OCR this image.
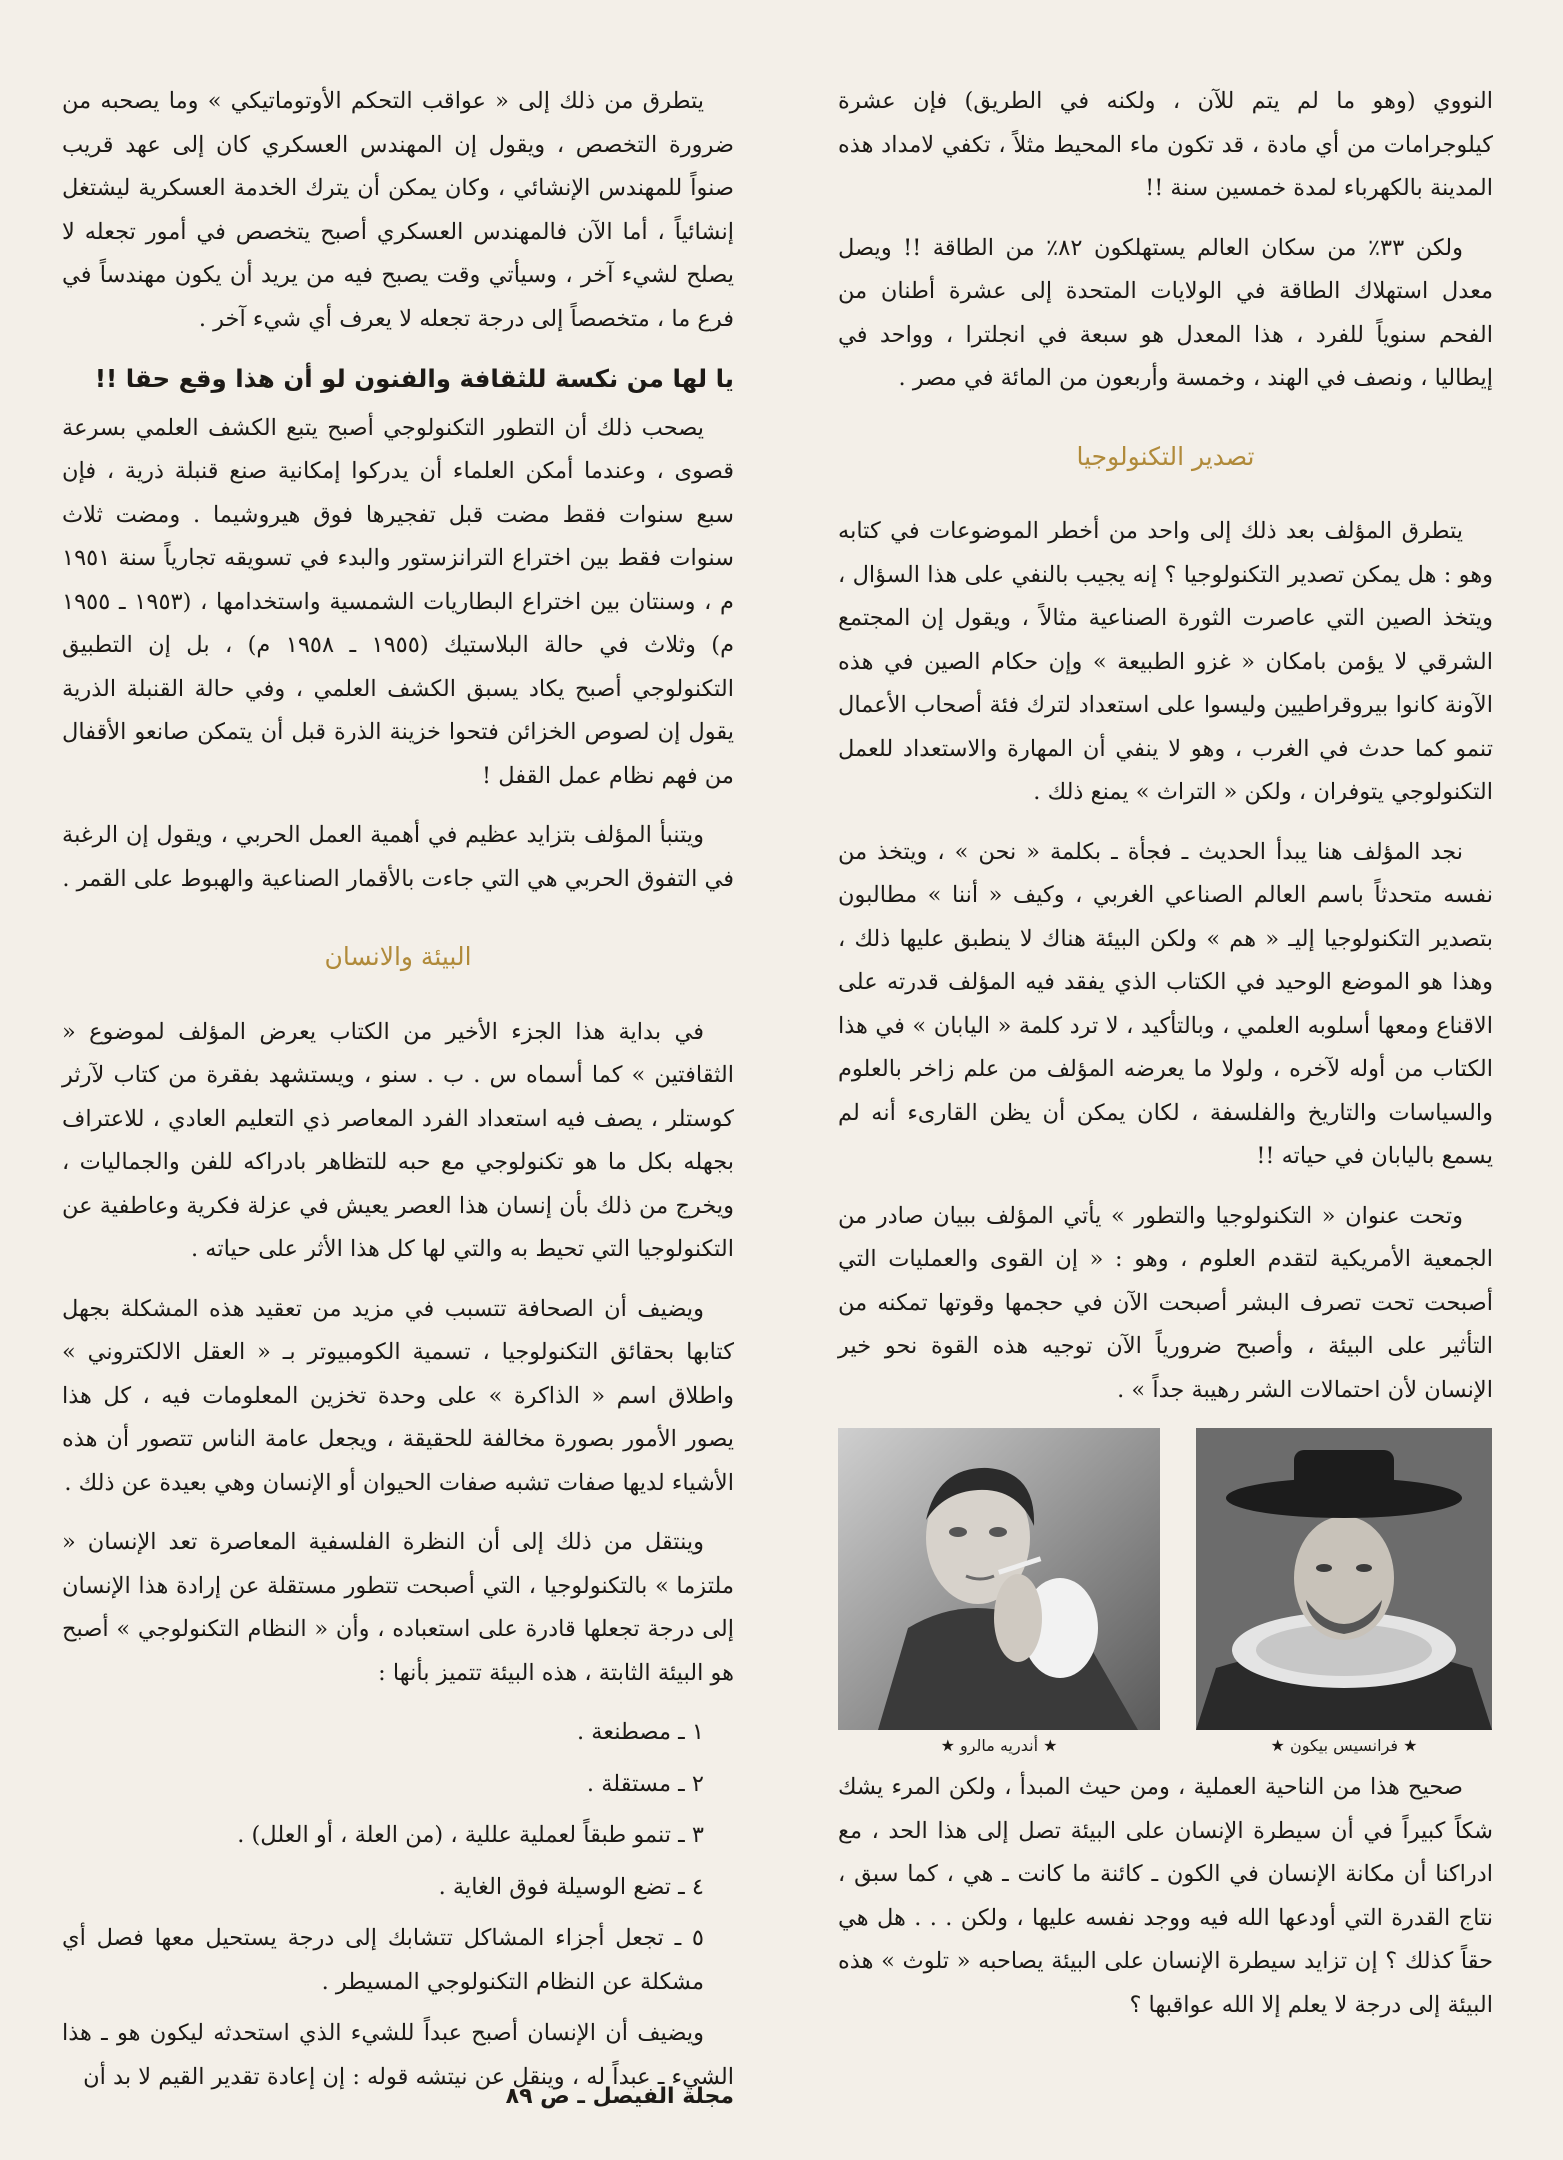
النووي (وهو ما لم يتم للآن ، ولكنه في الطريق) فإن عشرة كيلوجرامات من أي مادة ، قد تكون ماء المحيط مثلاً ، تكفي لامداد هذه المدينة بالكهرباء لمدة خمسين سنة !!

ولكن ٣٣٪ من سكان العالم يستهلكون ٨٢٪ من الطاقة !! ويصل معدل استهلاك الطاقة في الولايات المتحدة إلى عشرة أطنان من الفحم سنوياً للفرد ، هذا المعدل هو سبعة في انجلترا ، وواحد في إيطاليا ، ونصف في الهند ، وخمسة وأربعون من المائة في مصر .

تصدير التكنولوجيا

يتطرق المؤلف بعد ذلك إلى واحد من أخطر الموضوعات في كتابه وهو : هل يمكن تصدير التكنولوجيا ؟ إنه يجيب بالنفي على هذا السؤال ، ويتخذ الصين التي عاصرت الثورة الصناعية مثالاً ، ويقول إن المجتمع الشرقي لا يؤمن بامكان « غزو الطبيعة » وإن حكام الصين في هذه الآونة كانوا بيروقراطيين وليسوا على استعداد لترك فئة أصحاب الأعمال تنمو كما حدث في الغرب ، وهو لا ينفي أن المهارة والاستعداد للعمل التكنولوجي يتوفران ، ولكن « التراث » يمنع ذلك .

نجد المؤلف هنا يبدأ الحديث ـ فجأة ـ بكلمة « نحن » ، ويتخذ من نفسه متحدثاً باسم العالم الصناعي الغربي ، وكيف « أننا » مطالبون بتصدير التكنولوجيا إليـ « هم » ولكن البيئة هناك لا ينطبق عليها ذلك ، وهذا هو الموضع الوحيد في الكتاب الذي يفقد فيه المؤلف قدرته على الاقناع ومعها أسلوبه العلمي ، وبالتأكيد ، لا ترد كلمة « اليابان » في هذا الكتاب من أوله لآخره ، ولولا ما يعرضه المؤلف من علم زاخر بالعلوم والسياسات والتاريخ والفلسفة ، لكان يمكن أن يظن القارىء أنه لم يسمع باليابان في حياته !!

وتحت عنوان « التكنولوجيا والتطور » يأتي المؤلف ببيان صادر من الجمعية الأمريكية لتقدم العلوم ، وهو : « إن القوى والعمليات التي أصبحت تحت تصرف البشر أصبحت الآن في حجمها وقوتها تمكنه من التأثير على البيئة ، وأصبح ضرورياً الآن توجيه هذه القوة نحو خير الإنسان لأن احتمالات الشر رهيبة جداً » .

★ أندريه مالرو ★	★ فرانسيس بيكون ★

صحيح هذا من الناحية العملية ، ومن حيث المبدأ ، ولكن المرء يشك شكاً كبيراً في أن سيطرة الإنسان على البيئة تصل إلى هذا الحد ، مع ادراكنا أن مكانة الإنسان في الكون ـ كائنة ما كانت ـ هي ، كما سبق ، نتاج القدرة التي أودعها الله فيه ووجد نفسه عليها ، ولكن . . . هل هي حقاً كذلك ؟ إن تزايد سيطرة الإنسان على البيئة يصاحبه « تلوث » هذه البيئة إلى درجة لا يعلم إلا الله عواقبها ؟

يتطرق من ذلك إلى « عواقب التحكم الأوتوماتيكي » وما يصحبه من ضرورة التخصص ، ويقول إن المهندس العسكري كان إلى عهد قريب صنواً للمهندس الإنشائي ، وكان يمكن أن يترك الخدمة العسكرية ليشتغل إنشائياً ، أما الآن فالمهندس العسكري أصبح يتخصص في أمور تجعله لا يصلح لشيء آخر ، وسيأتي وقت يصبح فيه من يريد أن يكون مهندساً في فرع ما ، متخصصاً إلى درجة تجعله لا يعرف أي شيء آخر .

يا لها من نكسة للثقافة والفنون لو أن هذا وقع حقا !!

يصحب ذلك أن التطور التكنولوجي أصبح يتبع الكشف العلمي بسرعة قصوى ، وعندما أمكن العلماء أن يدركوا إمكانية صنع قنبلة ذرية ، فإن سبع سنوات فقط مضت قبل تفجيرها فوق هيروشيما . ومضت ثلاث سنوات فقط بين اختراع الترانزستور والبدء في تسويقه تجارياً سنة ١٩٥١ م ، وسنتان بين اختراع البطاريات الشمسية واستخدامها ، (١٩٥٣ ـ ١٩٥٥ م) وثلاث في حالة البلاستيك (١٩٥٥ ـ ١٩٥٨ م) ، بل إن التطبيق التكنولوجي أصبح يكاد يسبق الكشف العلمي ، وفي حالة القنبلة الذرية يقول إن لصوص الخزائن فتحوا خزينة الذرة قبل أن يتمكن صانعو الأقفال من فهم نظام عمل القفل !

ويتنبأ المؤلف بتزايد عظيم في أهمية العمل الحربي ، ويقول إن الرغبة في التفوق الحربي هي التي جاءت بالأقمار الصناعية والهبوط على القمر .

البيئة والانسان

في بداية هذا الجزء الأخير من الكتاب يعرض المؤلف لموضوع « الثقافتين » كما أسماه س . ب . سنو ، ويستشهد بفقرة من كتاب لآرثر كوستلر ، يصف فيه استعداد الفرد المعاصر ذي التعليم العادي ، للاعتراف بجهله بكل ما هو تكنولوجي مع حبه للتظاهر بادراكه للفن والجماليات ، ويخرج من ذلك بأن إنسان هذا العصر يعيش في عزلة فكرية وعاطفية عن التكنولوجيا التي تحيط به والتي لها كل هذا الأثر على حياته .

ويضيف أن الصحافة تتسبب في مزيد من تعقيد هذه المشكلة بجهل كتابها بحقائق التكنولوجيا ، تسمية الكومبيوتر بـ « العقل الالكتروني » واطلاق اسم « الذاكرة » على وحدة تخزين المعلومات فيه ، كل هذا يصور الأمور بصورة مخالفة للحقيقة ، ويجعل عامة الناس تتصور أن هذه الأشياء لديها صفات تشبه صفات الحيوان أو الإنسان وهي بعيدة عن ذلك .

وينتقل من ذلك إلى أن النظرة الفلسفية المعاصرة تعد الإنسان « ملتزما » بالتكنولوجيا ، التي أصبحت تتطور مستقلة عن إرادة هذا الإنسان إلى درجة تجعلها قادرة على استعباده ، وأن « النظام التكنولوجي » أصبح هو البيئة الثابتة ، هذه البيئة تتميز بأنها :

١ ـ مصطنعة .
٢ ـ مستقلة .
٣ ـ تنمو طبقاً لعملية عللية ، (من العلة ، أو العلل) .
٤ ـ تضع الوسيلة فوق الغاية .
٥ ـ تجعل أجزاء المشاكل تتشابك إلى درجة يستحيل معها فصل أي مشكلة عن النظام التكنولوجي المسيطر .

ويضيف أن الإنسان أصبح عبداً للشيء الذي استحدثه ليكون هو ـ هذا الشيء ـ عبداً له ، وينقل عن نيتشه قوله : إن إعادة تقدير القيم لا بد أن

مجلة الفيصل ـ ص ٨٩
